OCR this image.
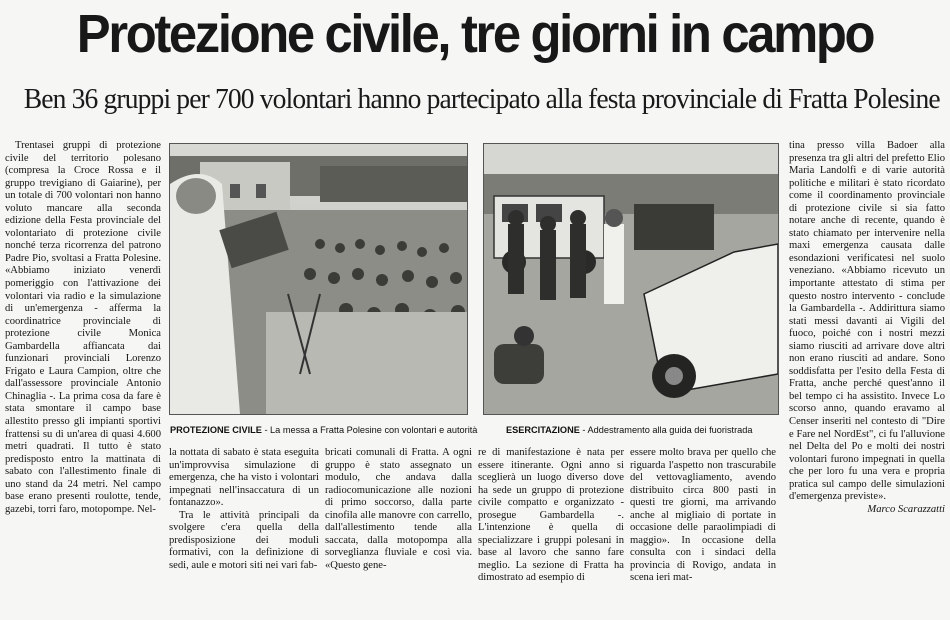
Protezione civile, tre giorni in campo
Ben 36 gruppi per 700 volontari hanno partecipato alla festa provinciale di Fratta Polesine

Trentasei gruppi di protezione civile del territorio polesano (compresa la Croce Rossa e il gruppo trevigiano di Gaiarine), per un totale di 700 volontari non hanno voluto mancare alla seconda edizione della Festa provinciale del volontariato di protezione civile nonché terza ricorrenza del patrono Padre Pio, svoltasi a Fratta Polesine. «Abbiamo iniziato venerdì pomeriggio con l'attivazione dei volontari via radio e la simulazione di un'emergenza - afferma la coordinatrice provinciale di protezione civile Monica Gambardella affiancata dai funzionari provinciali Lorenzo Frigato e Laura Campion, oltre che dall'assessore provinciale Antonio Chinaglia -. La prima cosa da fare è stata smontare il campo base allestito presso gli impianti sportivi frattensi su di un'area di quasi 4.600 metri quadrati. Il tutto è stato predisposto entro la mattinata di sabato con l'allestimento finale di uno stand da 24 metri. Nel campo base erano presenti roulotte, tende, gazebi, torri faro, motopompe. Nel-

PROTEZIONE CIVILE - La messa a Fratta Polesine con volontari e autorità	ESERCITAZIONE - Addestramento alla guida dei fuoristrada

la nottata di sabato è stata eseguita un'improvvisa simulazione di emergenza, che ha visto i volontari impegnati nell'insaccatura di un fontanazzo».

Tra le attività principali da svolgere c'era quella della predisposizione dei moduli formativi, con la definizione di sedi, aule e motori siti nei vari fab-

bricati comunali di Fratta. A ogni gruppo è stato assegnato un modulo, che andava dalla radiocomunicazione alle nozioni di primo soccorso, dalla parte cinofila alle manovre con carrello, dall'allestimento tende alla saccata, dalla motopompa alla sorveglianza fluviale e così via. «Questo gene-

re di manifestazione è nata per essere itinerante. Ogni anno si sceglierà un luogo diverso dove ha sede un gruppo di protezione civile compatto e organizzato - prosegue Gambardella -. L'intenzione è quella di specializzare i gruppi polesani in base al lavoro che sanno fare meglio. La sezione di Fratta ha dimostrato ad esempio di

essere molto brava per quello che riguarda l'aspetto non trascurabile del vettovagliamento, avendo distribuito circa 800 pasti in questi tre giorni, ma arrivando anche al migliaio di portate in occasione delle paraolimpiadi di maggio». In occasione della consulta con i sindaci della provincia di Rovigo, andata in scena ieri mat-

tina presso villa Badoer alla presenza tra gli altri del prefetto Elio Maria Landolfi e di varie autorità politiche e militari è stato ricordato come il coordinamento provinciale di protezione civile si sia fatto notare anche di recente, quando è stato chiamato per intervenire nella maxi emergenza causata dalle esondazioni verificatesi nel suolo veneziano. «Abbiamo ricevuto un importante attestato di stima per questo nostro intervento - conclude la Gambardella -. Addirittura siamo stati messi davanti ai Vigili del fuoco, poiché con i nostri mezzi siamo riusciti ad arrivare dove altri non erano riusciti ad andare. Sono soddisfatta per l'esito della Festa di Fratta, anche perché quest'anno il bel tempo ci ha assistito. Invece Lo scorso anno, quando eravamo al Censer inseriti nel contesto di "Dire e Fare nel NordEst", ci fu l'alluvione nel Delta del Po e molti dei nostri volontari furono impegnati in quella che per loro fu una vera e propria pratica sul campo delle simulazioni d'emergenza previste».

Marco Scarazzatti
